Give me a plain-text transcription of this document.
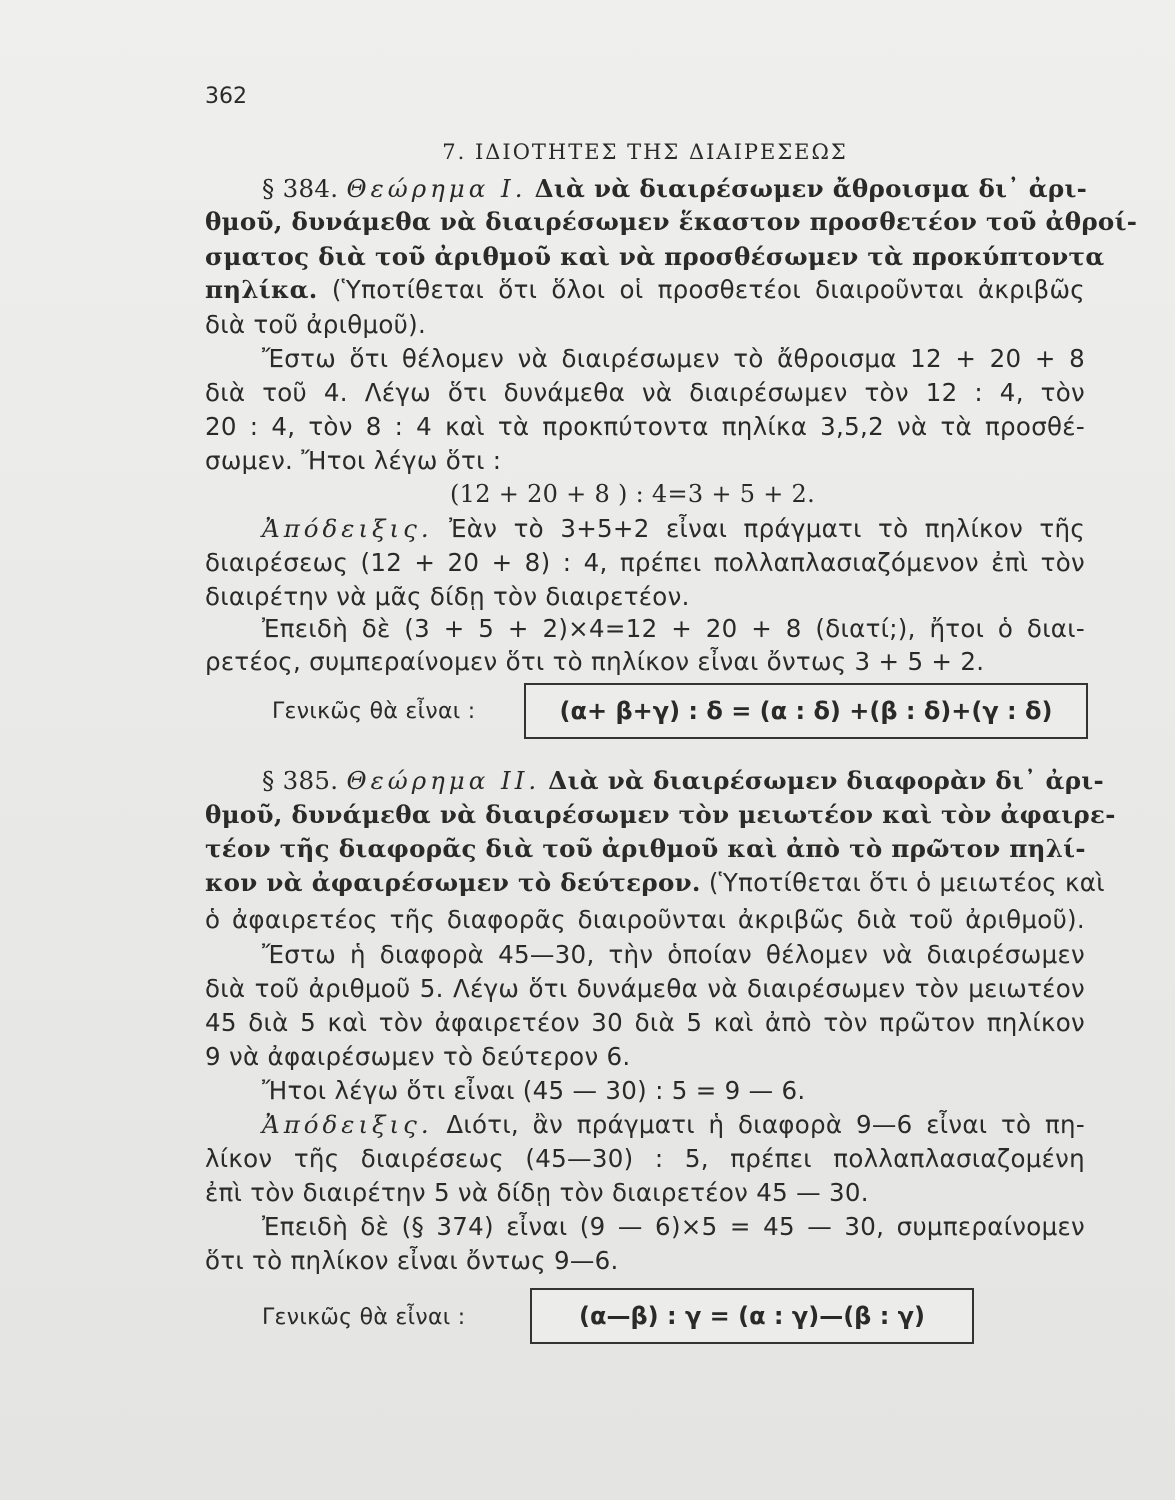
362
7. ΙΔΙΟΤΗΤΕΣ ΤΗΣ ΔΙΑΙΡΕΣΕΩΣ
§ 384. Θεώρημα I. Διὰ νὰ διαιρέσωμεν ἄθροισμα δι᾽ ἀρι-
θμοῦ, δυνάμεθα νὰ διαιρέσωμεν ἕκαστον προσθετέον τοῦ ἀθροί-
σματος διὰ τοῦ ἀριθμοῦ καὶ νὰ προσθέσωμεν τὰ προκύπτοντα
πηλίκα. (Ὑποτίθεται ὅτι ὅλοι οἱ προσθετέοι διαιροῦνται ἀκριβῶς
διὰ τοῦ ἀριθμοῦ).
Ἔστω ὅτι θέλομεν νὰ διαιρέσωμεν τὸ ἄθροισμα 12 + 20 + 8
διὰ τοῦ 4. Λέγω ὅτι δυνάμεθα νὰ διαιρέσωμεν τὸν 12 : 4, τὸν
20 : 4, τὸν 8 : 4 καὶ τὰ προκπύτοντα πηλίκα 3,5,2 νὰ τὰ προσθέ-
σωμεν. Ἤτοι λέγω ὅτι :
(12 + 20 + 8 ) : 4=3 + 5 + 2.
Ἀπόδειξις. Ἐὰν τὸ 3+5+2 εἶναι πράγματι τὸ πηλίκον τῆς
διαιρέσεως (12 + 20 + 8) : 4, πρέπει πολλαπλασιαζόμενον ἐπὶ τὸν
διαιρέτην νὰ μᾶς δίδῃ τὸν διαιρετέον.
Ἐπειδὴ δὲ (3 + 5 + 2)×4=12 + 20 + 8 (διατί;), ἤτοι ὁ διαι-
ρετέος, συμπεραίνομεν ὅτι τὸ πηλίκον εἶναι ὄντως 3 + 5 + 2.
Γενικῶς θὰ εἶναι :	(α+ β+γ) : δ = (α : δ) +(β : δ)+(γ : δ)
§ 385. Θεώρημα II. Διὰ νὰ διαιρέσωμεν διαφορὰν δι᾽ ἀρι-
θμοῦ, δυνάμεθα νὰ διαιρέσωμεν τὸν μειωτέον καὶ τὸν ἀφαιρε-
τέον τῆς διαφορᾶς διὰ τοῦ ἀριθμοῦ καὶ ἀπὸ τὸ πρῶτον πηλί-
κον νὰ ἀφαιρέσωμεν τὸ δεύτερον. (Ὑποτίθεται ὅτι ὁ μειωτέος καὶ
ὁ ἀφαιρετέος τῆς διαφορᾶς διαιροῦνται ἀκριβῶς διὰ τοῦ ἀριθμοῦ).
Ἔστω ἡ διαφορὰ 45—30, τὴν ὁποίαν θέλομεν νὰ διαιρέσωμεν
διὰ τοῦ ἀριθμοῦ 5. Λέγω ὅτι δυνάμεθα νὰ διαιρέσωμεν τὸν μειωτέον
45 διὰ 5 καὶ τὸν ἀφαιρετέον 30 διὰ 5 καὶ ἀπὸ τὸν πρῶτον πηλίκον
9 νὰ ἀφαιρέσωμεν τὸ δεύτερον 6.
Ἤτοι λέγω ὅτι εἶναι (45 — 30) : 5 = 9 — 6.
Ἀπόδειξις. Διότι, ἂν πράγματι ἡ διαφορὰ 9—6 εἶναι τὸ πη-
λίκον τῆς διαιρέσεως (45—30) : 5, πρέπει πολλαπλασιαζομένη
ἐπὶ τὸν διαιρέτην 5 νὰ δίδῃ τὸν διαιρετέον 45 — 30.
Ἐπειδὴ δὲ (§ 374) εἶναι (9 — 6)×5 = 45 — 30, συμπεραίνομεν
ὅτι τὸ πηλίκον εἶναι ὄντως 9—6.
Γενικῶς θὰ εἶναι :	(α—β) : γ = (α : γ)—(β : γ)
